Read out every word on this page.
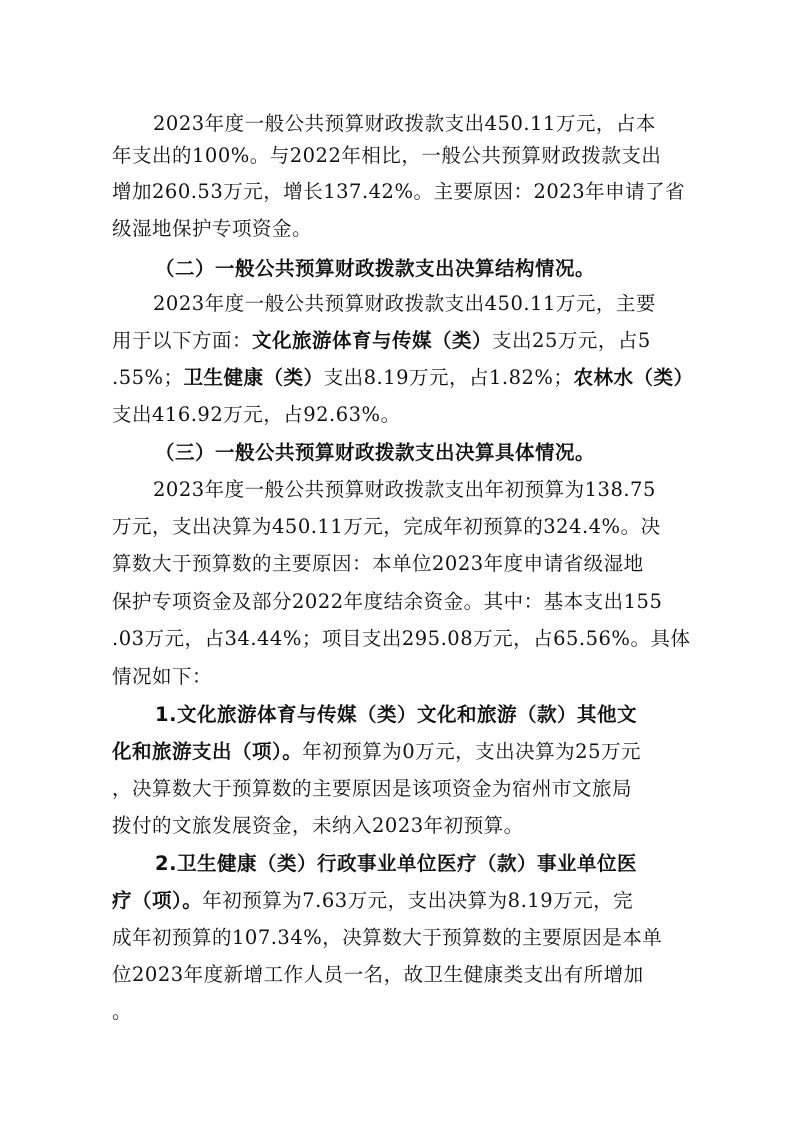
2023年度一般公共预算财政拨款支出450.11万元，占本
年支出的100%。与2022年相比，一般公共预算财政拨款支出
增加260.53万元，增长137.42%。主要原因：2023年申请了省
级湿地保护专项资金。
（二）一般公共预算财政拨款支出决算结构情况。
2023年度一般公共预算财政拨款支出450.11万元，主要
用于以下方面：文化旅游体育与传媒（类）支出25万元，占5
.55%；卫生健康（类）支出8.19万元，占1.82%；农林水（类）
支出416.92万元，占92.63%。
（三）一般公共预算财政拨款支出决算具体情况。
2023年度一般公共预算财政拨款支出年初预算为138.75
万元，支出决算为450.11万元，完成年初预算的324.4%。决
算数大于预算数的主要原因：本单位2023年度申请省级湿地
保护专项资金及部分2022年度结余资金。其中：基本支出155
.03万元，占34.44%；项目支出295.08万元，占65.56%。具体
情况如下：
1.文化旅游体育与传媒（类）文化和旅游（款）其他文
化和旅游支出（项）。年初预算为0万元，支出决算为25万元
，决算数大于预算数的主要原因是该项资金为宿州市文旅局
拨付的文旅发展资金，未纳入2023年初预算。
2.卫生健康（类）行政事业单位医疗（款）事业单位医
疗（项）。年初预算为7.63万元，支出决算为8.19万元，完
成年初预算的107.34%，决算数大于预算数的主要原因是本单
位2023年度新增工作人员一名，故卫生健康类支出有所增加
。
